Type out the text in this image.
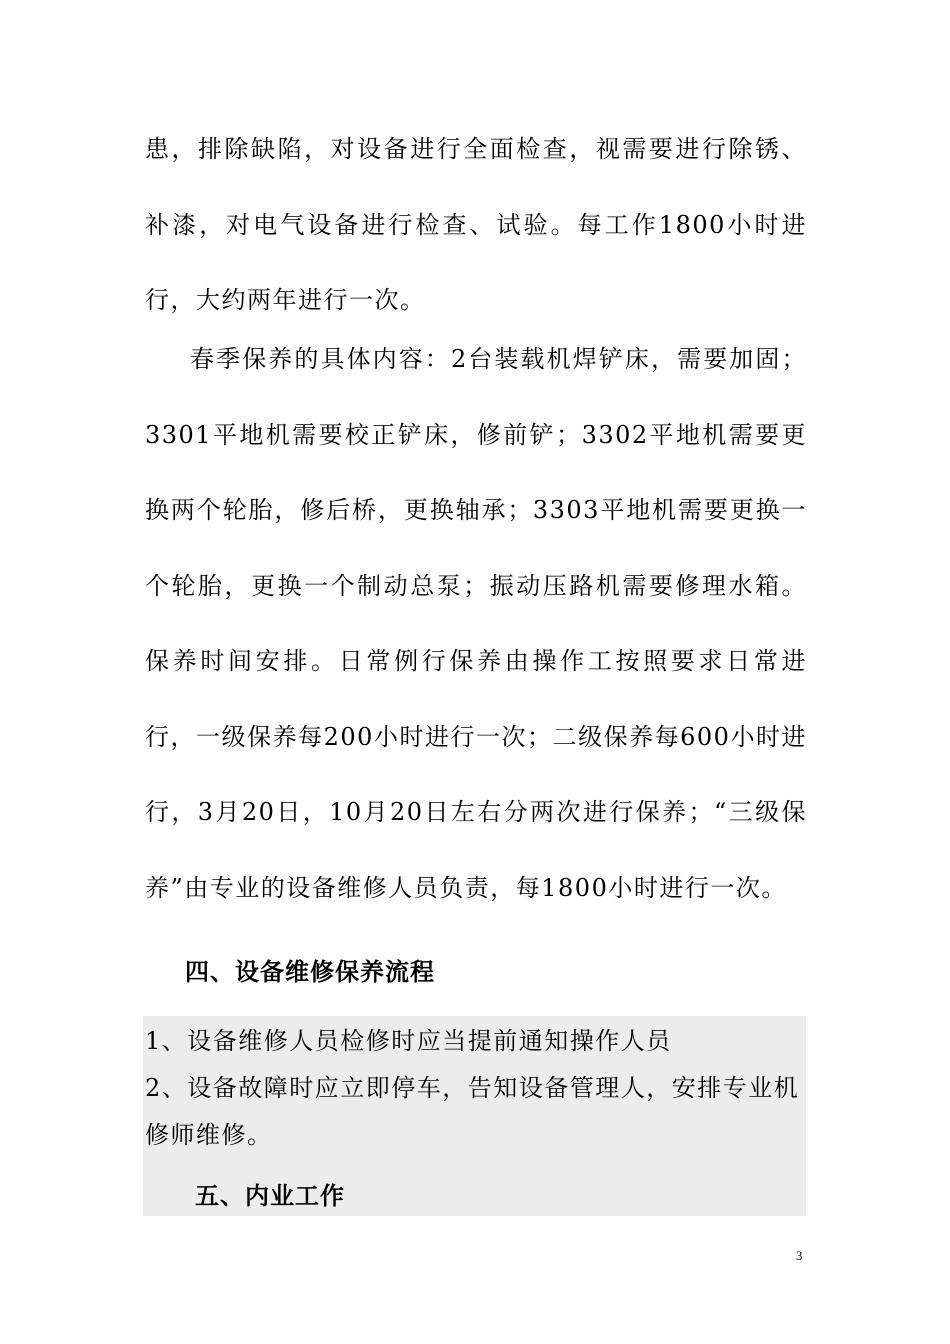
患，排除缺陷，对设备进行全面检查，视需要进行除锈、补漆，对电气设备进行检查、试验。每工作1800小时进行，大约两年进行一次。

春季保养的具体内容：2台装载机焊铲床，需要加固；3301平地机需要校正铲床，修前铲；3302平地机需要更换两个轮胎，修后桥，更换轴承；3303平地机需要更换一个轮胎，更换一个制动总泵；振动压路机需要修理水箱。保养时间安排。日常例行保养由操作工按照要求日常进行，一级保养每200小时进行一次；二级保养每600小时进行，3月20日，10月20日左右分两次进行保养；“三级保养”由专业的设备维修人员负责，每1800小时进行一次。

四、设备维修保养流程

1、设备维修人员检修时应当提前通知操作人员

2、设备故障时应立即停车，告知设备管理人，安排专业机修师维修。

五、内业工作
3
